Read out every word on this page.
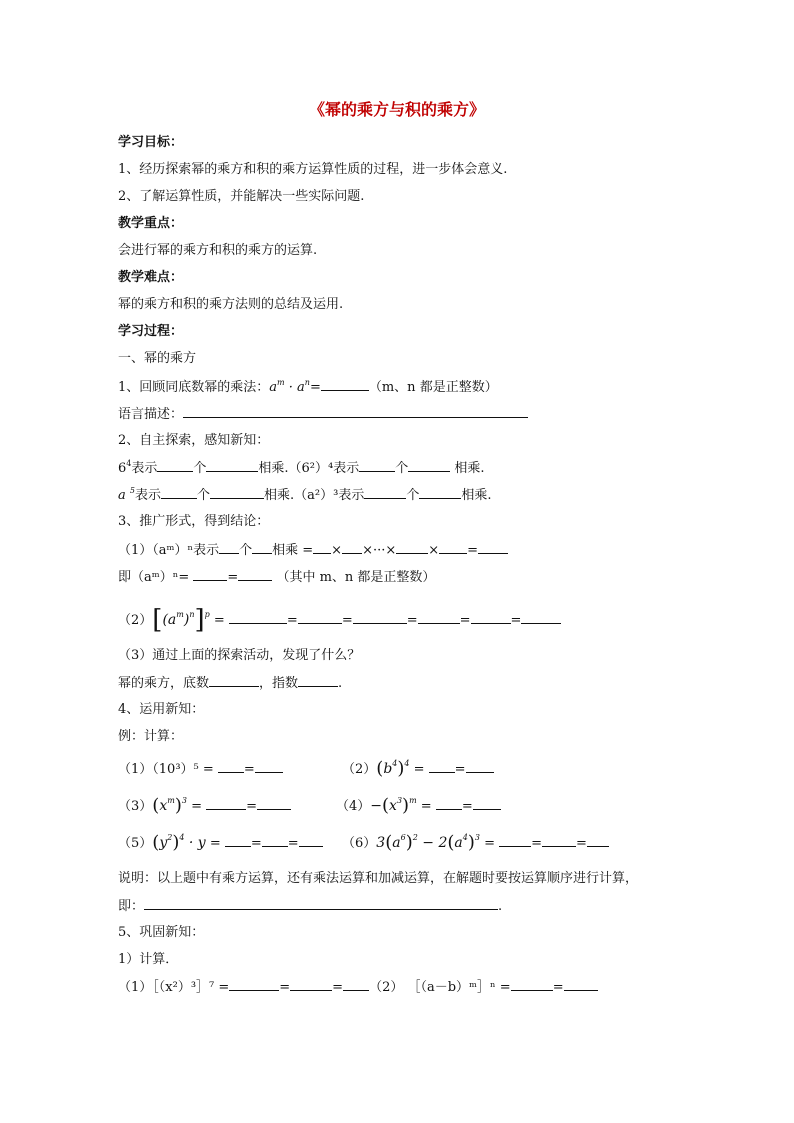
《幂的乘方与积的乘方》
学习目标：
1、经历探索幂的乘方和积的乘方运算性质的过程，进一步体会意义.
2、了解运算性质，并能解决一些实际问题.
教学重点：
会进行幂的乘方和积的乘方的运算.
教学难点：
幂的乘方和积的乘方法则的总结及运用.
学习过程：
一、幂的乘方
1、回顾同底数幂的乘法：$a^m \cdot a^n=$	（m、n 都是正整数）
语言描述：
2、自主探索，感知新知：
$6^4$表示	个	相乘.（6²）⁴表示	个	相乘.
a $^5$表示	个	相乘.（a²）³表示	个	相乘.
3、推广形式，得到结论：
（1）（aᵐ）ⁿ表示 个 相乘 = × ×···× × =
即（aᵐ）ⁿ=	=	（其中 m、n 都是正整数）
$(2)[(a^m)^n]^p$ =	=	=	=	=	=
（3）通过上面的探索活动，发现了什么？
幂的乘方，底数	，指数	.
4、运用新知：
例：计算：
（1）（10³）⁵ = =	$(2)(b^4)^4$ = =
$(3)(x^m)^3$ =	=	$(4)-(x^3)^m$ = =
$(5)(y^2)^4 \cdot y$ = = =	$(6)3(a^6)^2 - 2(a^4)^3$ = =	=
说明：以上题中有乘方运算，还有乘法运算和加减运算，在解题时要按运算顺序进行计算，
即：	.
5、巩固新知：
1）计算．
（1）［（x²）³］⁷ =	=	= （2） ［（a－b）ᵐ］ⁿ =	=
